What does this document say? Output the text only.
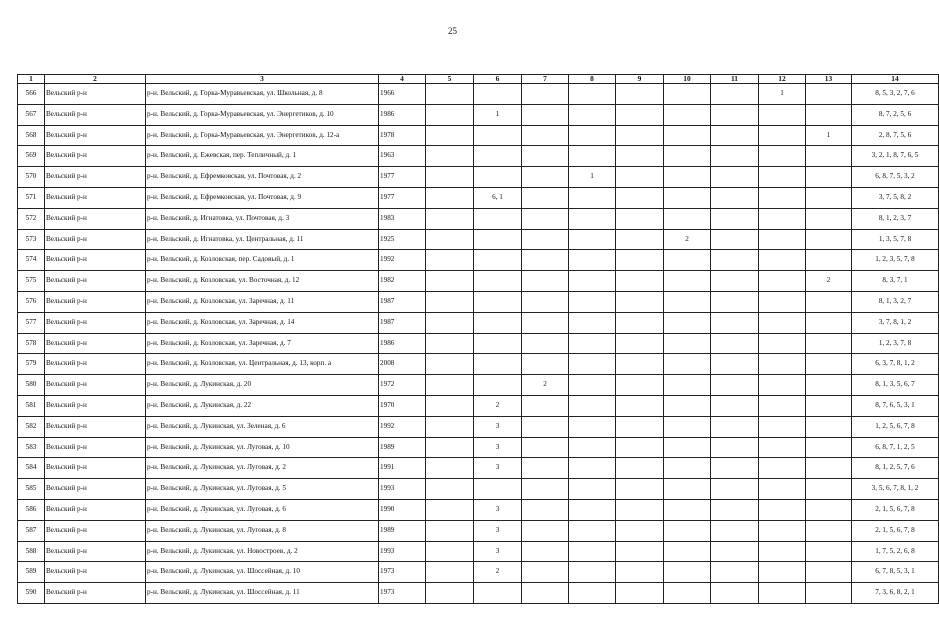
25
1	2	3	4	5	6	7	8	9	10	11	12	13	14
566	Вельский р-н	р-н. Вельский, д. Горка-Муравьевская, ул. Школьная, д. 8	1966								1		8, 5, 3, 2, 7, 6
567	Вельский р-н	р-н. Вельский, д. Горка-Муравьевская, ул. Энергетиков, д. 10	1986		1								8, 7, 2, 5, 6
568	Вельский р-н	р-н. Вельский, д. Горка-Муравьевская, ул. Энергетиков, д. 12-а	1978									1	2, 8, 7, 5, 6
569	Вельский р-н	р-н. Вельский, д. Ежевская, пер. Тепличный, д. 1	1963										3, 2, 1, 8, 7, 6, 5
570	Вельский р-н	р-н. Вельский, д. Ефремковская, ул. Почтовая, д. 2	1977				1						6, 8, 7, 5, 3, 2
571	Вельский р-н	р-н. Вельский, д. Ефремковская, ул. Почтовая, д. 9	1977		6, 1								3, 7, 5, 8, 2
572	Вельский р-н	р-н. Вельский, д. Игнатовка, ул. Почтовая, д. 3	1983										8, 1, 2, 3, 7
573	Вельский р-н	р-н. Вельский, д. Игнатовка, ул. Центральная, д. 11	1925						2				1, 3, 5, 7, 8
574	Вельский р-н	р-н. Вельский, д. Козловская, пер. Садовый, д. 1	1992										1, 2, 3, 5, 7, 8
575	Вельский р-н	р-н. Вельский, д. Козловская, ул. Восточная, д. 12	1982									2	8, 3, 7, 1
576	Вельский р-н	р-н. Вельский, д. Козловская, ул. Заречная, д. 11	1987										8, 1, 3, 2, 7
577	Вельский р-н	р-н. Вельский, д. Козловская, ул. Заречная, д. 14	1987										3, 7, 8, 1, 2
578	Вельский р-н	р-н. Вельский, д. Козловская, ул. Заречная, д. 7	1986										1, 2, 3, 7, 8
579	Вельский р-н	р-н. Вельский, д. Козловская, ул. Центральная, д. 13, корп. а	2008										6, 3, 7, 8, 1, 2
580	Вельский р-н	р-н. Вельский, д. Лукинская, д. 20	1972			2							8, 1, 3, 5, 6, 7
581	Вельский р-н	р-н. Вельский, д. Лукинская, д. 22	1970		2								8, 7, 6, 5, 3, 1
582	Вельский р-н	р-н. Вельский, д. Лукинская, ул. Зеленая, д. 6	1992		3								1, 2, 5, 6, 7, 8
583	Вельский р-н	р-н. Вельский, д. Лукинская, ул. Луговая, д. 10	1989		3								6, 8, 7, 1, 2, 5
584	Вельский р-н	р-н. Вельский, д. Лукинская, ул. Луговая, д. 2	1991		3								8, 1, 2, 5, 7, 6
585	Вельский р-н	р-н. Вельский, д. Лукинская, ул. Луговая, д. 5	1993										3, 5, 6, 7, 8, 1, 2
586	Вельский р-н	р-н. Вельский, д. Лукинская, ул. Луговая, д. 6	1990		3								2, 1, 5, 6, 7, 8
587	Вельский р-н	р-н. Вельский, д. Лукинская, ул. Луговая, д. 8	1989		3								2, 1, 5, 6, 7, 8
588	Вельский р-н	р-н. Вельский, д. Лукинская, ул. Новостроев, д. 2	1993		3								1, 7, 5, 2, 6, 8
589	Вельский р-н	р-н. Вельский, д. Лукинская, ул. Шоссейная, д. 10	1973		2								6, 7, 8, 5, 3, 1
590	Вельский р-н	р-н. Вельский, д. Лукинская, ул. Шоссейная, д. 11	1973										7, 3, 6, 8, 2, 1
